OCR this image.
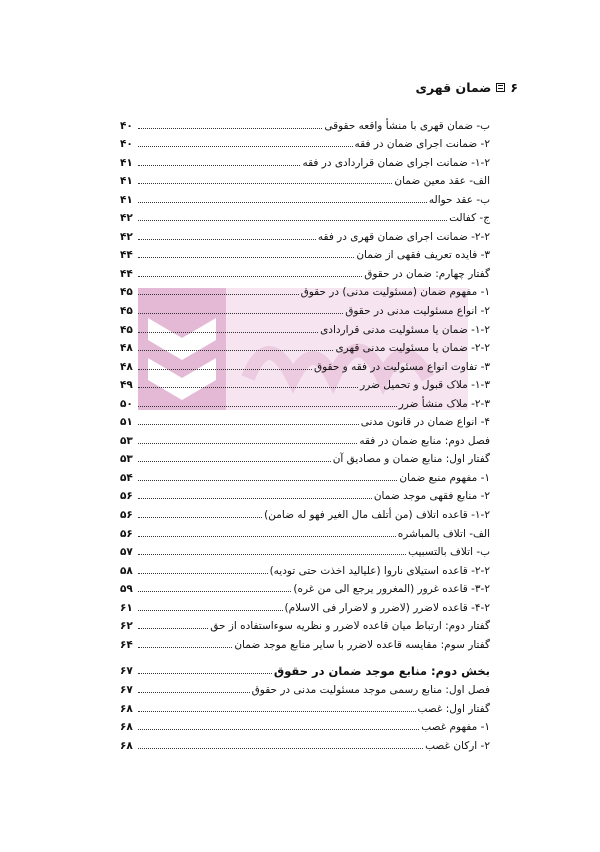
۶
ضمان قهری
ب- ضمان قهری با منشأ واقعه حقوقی
۴۰
۲- ضمانت اجرای ضمان در فقه
۴۰
۱-۲- ضمانت اجرای ضمان قراردادی در فقه
۴۱
الف- عقد معین ضمان
۴۱
ب- عقد حواله
۴۱
ج- کفالت
۴۲
۲-۲- ضمانت اجرای ضمان قهری در فقه
۴۲
۳- فایده تعریف فقهی از ضمان
۴۴
گفتار چهارم: ضمان در حقوق
۴۴
۱- مفهوم ضمان (مسئولیت مدنی) در حقوق
۴۵
۲- انواع مسئولیت مدنی در حقوق
۴۵
۱-۲- ضمان یا مسئولیت مدنی قراردادی
۴۵
۲-۲- ضمان یا مسئولیت مدنی قهری
۴۸
۳- تفاوت انواع مسئولیت در فقه و حقوق
۴۸
۱-۳- ملاک قبول و تحمیل ضرر
۴۹
۲-۳- ملاک منشأ ضرر
۵۰
۴- انواع ضمان در قانون مدنی
۵۱
فصل دوم: منابع ضمان در فقه
۵۳
گفتار اول: منابع ضمان و مصادیق آن
۵۳
۱- مفهوم منبع ضمان
۵۴
۲- منابع فقهی موجد ضمان
۵۶
۱-۲- قاعده اتلاف (من أتلف مال الغیر فهو له ضامن)
۵۶
الف- اتلاف بالمباشره
۵۶
ب- اتلاف بالتسبیب
۵۷
۲-۲- قاعده استیلای ناروا (علیالید اخذت حتی تودیه)
۵۸
۳-۲- قاعده غرور (المغرور یرجع الی من غره)
۵۹
۴-۲- قاعده لاضرر (لاضرر و لاضرار فی الاسلام)
۶۱
گفتار دوم: ارتباط میان قاعده لاضرر و نظریه سوءاستفاده از حق
۶۲
گفتار سوم: مقایسه قاعده لاضرر با سایر منابع موجد ضمان
۶۴
بخش دوم: منابع موجد ضمان در حقوق
۶۷
فصل اول: منابع رسمی موجد مسئولیت مدنی در حقوق
۶۷
گفتار اول: غصب
۶۸
۱- مفهوم غصب
۶۸
۲- ارکان غصب
۶۸
